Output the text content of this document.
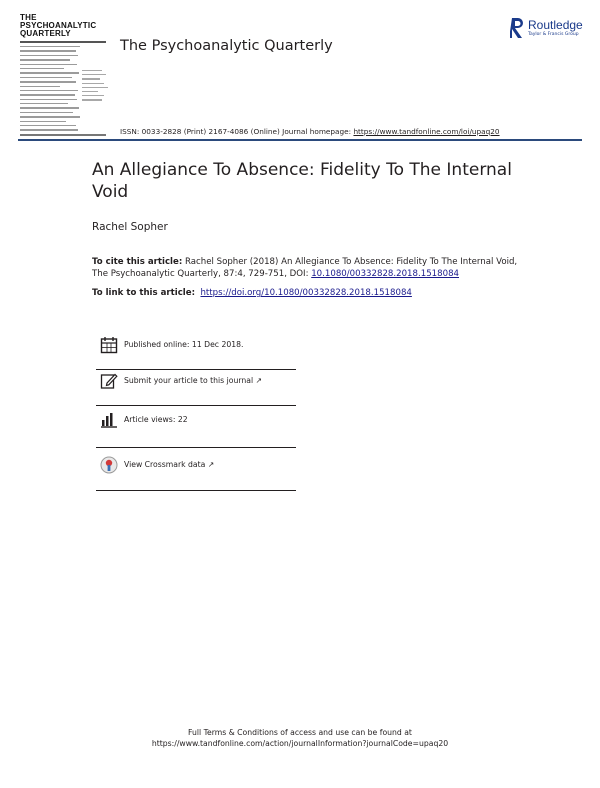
THE
PSYCHOANALYTIC
QUARTERLY
The Psychoanalytic Quarterly
Routledge
Taylor & Francis Group
ISSN: 0033-2828 (Print) 2167-4086 (Online) Journal homepage: https://www.tandfonline.com/loi/upaq20
An Allegiance To Absence: Fidelity To The Internal Void
Rachel Sopher
To cite this article: Rachel Sopher (2018) An Allegiance To Absence: Fidelity To The Internal Void, The Psychoanalytic Quarterly, 87:4, 729-751, DOI: 10.1080/00332828.2018.1518084
To link to this article: https://doi.org/10.1080/00332828.2018.1518084
Published online: 11 Dec 2018.
Submit your article to this journal ↗
Article views: 22
View Crossmark data ↗
Full Terms & Conditions of access and use can be found at
https://www.tandfonline.com/action/journalInformation?journalCode=upaq20
